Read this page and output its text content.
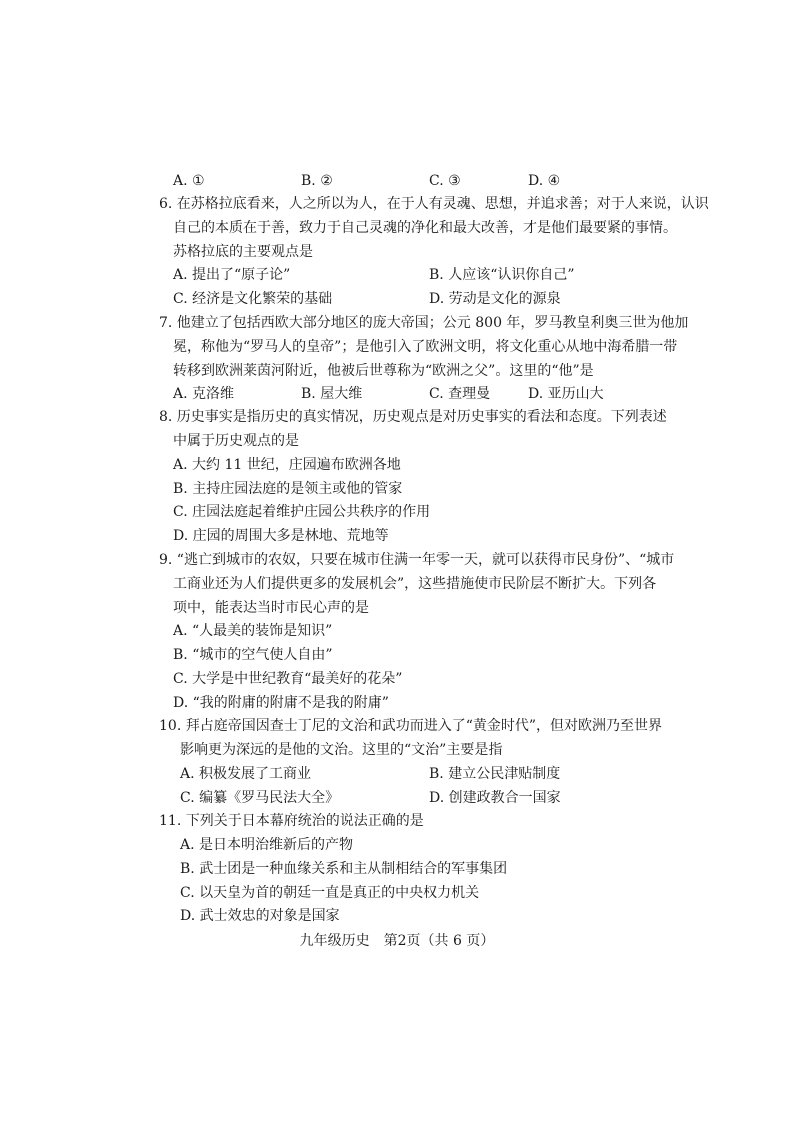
A. ①	B. ②	C. ③	D. ④
6. 在苏格拉底看来，人之所以为人，在于人有灵魂、思想，并追求善；对于人来说，认识
自己的本质在于善，致力于自己灵魂的净化和最大改善，才是他们最要紧的事情。
苏格拉底的主要观点是
A. 提出了“原子论”	B. 人应该“认识你自己”
C. 经济是文化繁荣的基础	D. 劳动是文化的源泉
7. 他建立了包括西欧大部分地区的庞大帝国；公元 800 年，罗马教皇利奥三世为他加
冕，称他为“罗马人的皇帝”；是他引入了欧洲文明，将文化重心从地中海希腊一带
转移到欧洲莱茵河附近，他被后世尊称为“欧洲之父”。这里的“他”是
A. 克洛维	B. 屋大维	C. 查理曼	D. 亚历山大
8. 历史事实是指历史的真实情况，历史观点是对历史事实的看法和态度。下列表述
中属于历史观点的是
A. 大约 11 世纪，庄园遍布欧洲各地
B. 主持庄园法庭的是领主或他的管家
C. 庄园法庭起着维护庄园公共秩序的作用
D. 庄园的周围大多是林地、荒地等
9. “逃亡到城市的农奴，只要在城市住满一年零一天，就可以获得市民身份”、“城市
工商业还为人们提供更多的发展机会”，这些措施使市民阶层不断扩大。下列各
项中，能表达当时市民心声的是
A. “人最美的装饰是知识”
B. “城市的空气使人自由”
C. 大学是中世纪教育“最美好的花朵”
D. “我的附庸的附庸不是我的附庸”
10. 拜占庭帝国因查士丁尼的文治和武功而进入了“黄金时代”，但对欧洲乃至世界
影响更为深远的是他的文治。这里的“文治”主要是指
A. 积极发展了工商业	B. 建立公民津贴制度
C. 编纂《罗马民法大全》	D. 创建政教合一国家
11. 下列关于日本幕府统治的说法正确的是
A. 是日本明治维新后的产物
B. 武士团是一种血缘关系和主从制相结合的军事集团
C. 以天皇为首的朝廷一直是真正的中央权力机关
D. 武士效忠的对象是国家
九年级历史　第2页（共 6 页）
